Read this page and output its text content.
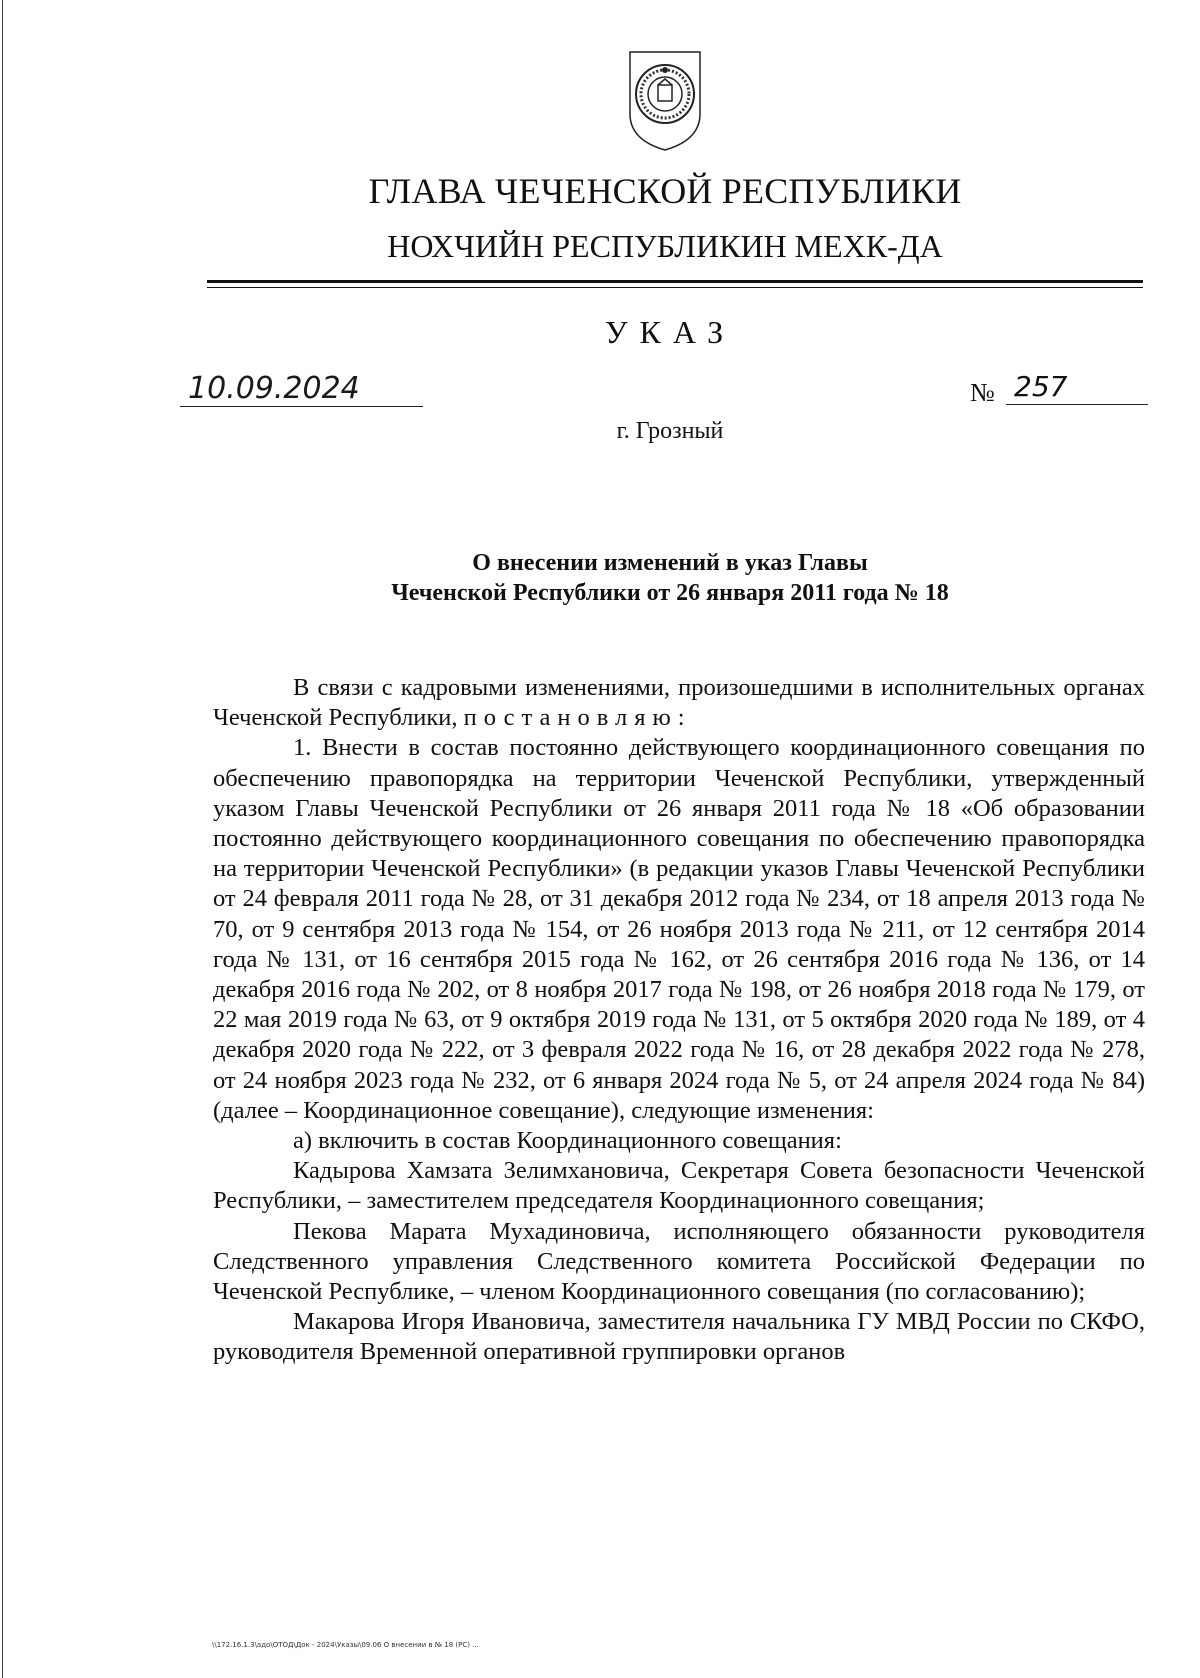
ГЛАВА ЧЕЧЕНСКОЙ РЕСПУБЛИКИ
НОХЧИЙН РЕСПУБЛИКИН МЕХК-ДА
УКАЗ
10.09.2024	№ 257
г. Грозный
О внесении изменений в указ Главы
Чеченской Республики от 26 января 2011 года № 18

В связи с кадровыми изменениями, произошедшими в исполнительных органах Чеченской Республики, постановляю:

1. Внести в состав постоянно действующего координационного совещания по обеспечению правопорядка на территории Чеченской Республики, утвержденный указом Главы Чеченской Республики от 26 января 2011 года № 18 «Об образовании постоянно действующего координационного совещания по обеспечению правопорядка на территории Чеченской Республики» (в редакции указов Главы Чеченской Республики от 24 февраля 2011 года № 28, от 31 декабря 2012 года № 234, от 18 апреля 2013 года № 70, от 9 сентября 2013 года № 154, от 26 ноября 2013 года № 211, от 12 сентября 2014 года № 131, от 16 сентября 2015 года № 162, от 26 сентября 2016 года № 136, от 14 декабря 2016 года № 202, от 8 ноября 2017 года № 198, от 26 ноября 2018 года № 179, от 22 мая 2019 года № 63, от 9 октября 2019 года № 131, от 5 октября 2020 года № 189, от 4 декабря 2020 года № 222, от 3 февраля 2022 года № 16, от 28 декабря 2022 года № 278, от 24 ноября 2023 года № 232, от 6 января 2024 года № 5, от 24 апреля 2024 года № 84) (далее – Координационное совещание), следующие изменения:

а) включить в состав Координационного совещания:

Кадырова Хамзата Зелимхановича, Секретаря Совета безопасности Чеченской Республики, – заместителем председателя Координационного совещания;

Пекова Марата Мухадиновича, исполняющего обязанности руководителя Следственного управления Следственного комитета Российской Федерации по Чеченской Республике, – членом Координационного совещания (по согласованию);

Макарова Игоря Ивановича, заместителя начальника ГУ МВД России по СКФО, руководителя Временной оперативной группировки органов

\\172.16.1.3\адо\ОТОД\Док - 2024\Указы\09.06 О внесении в № 18 (РС) ...
